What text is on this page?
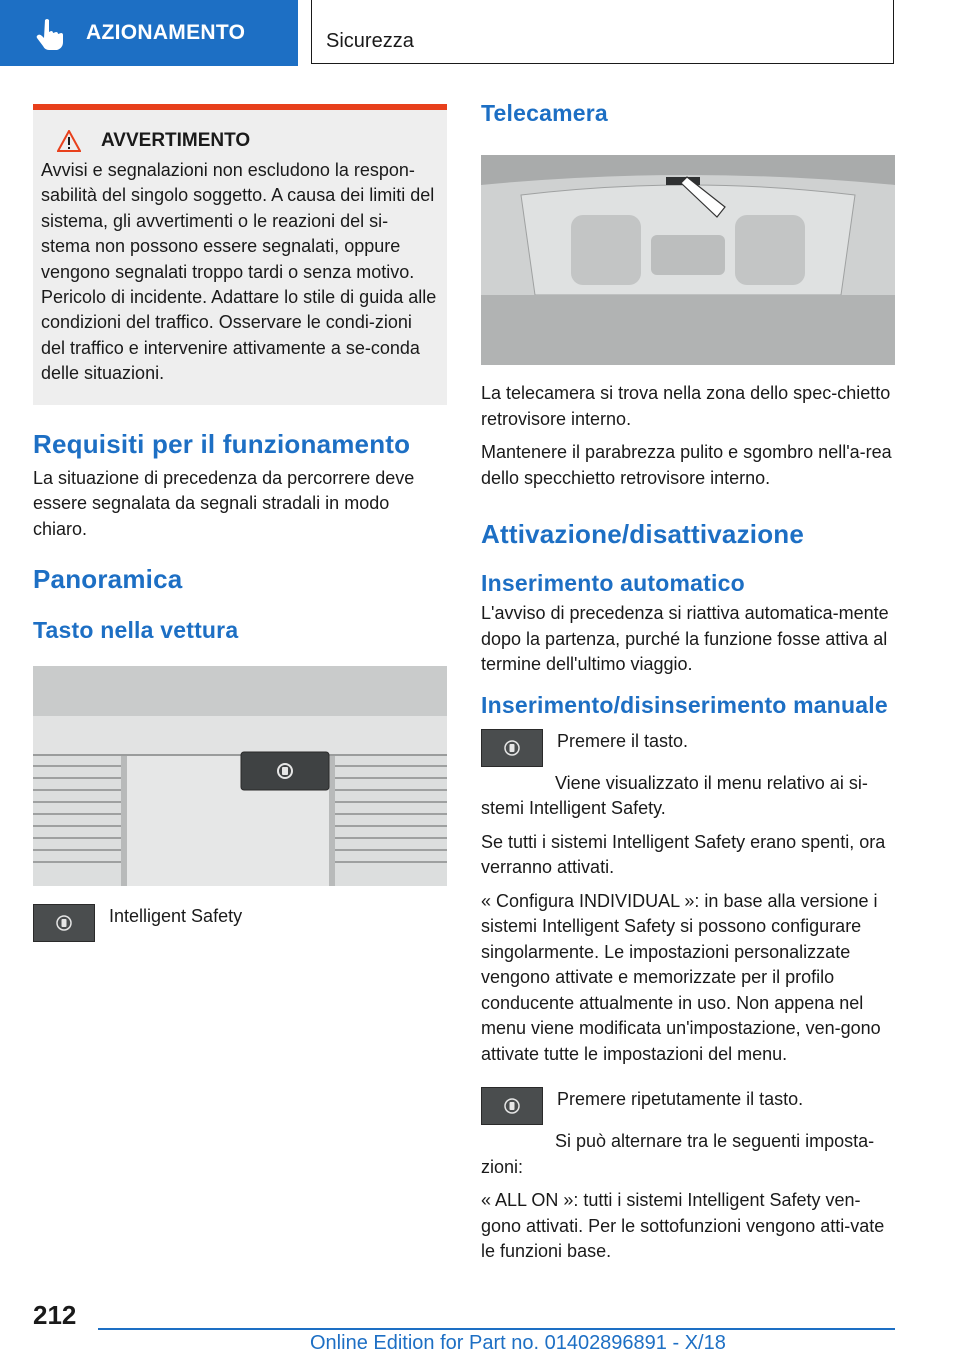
AZIONAMENTO	Sicurezza
AVVERTIMENTO

Avvisi e segnalazioni non escludono la respon-sabilità del singolo soggetto. A causa dei limiti del sistema, gli avvertimenti o le reazioni del si-stema non possono essere segnalati, oppure vengono segnalati troppo tardi o senza motivo. Pericolo di incidente. Adattare lo stile di guida alle condizioni del traffico. Osservare le condi-zioni del traffico e intervenire attivamente a se-conda delle situazioni.

Requisiti per il funzionamento

La situazione di precedenza da percorrere deve essere segnalata da segnali stradali in modo chiaro.

Panoramica
Tasto nella vettura

Intelligent Safety

Telecamera

La telecamera si trova nella zona dello spec-chietto retrovisore interno.

Mantenere il parabrezza pulito e sgombro nell'a-rea dello specchietto retrovisore interno.

Attivazione/disattivazione
Inserimento automatico

L'avviso di precedenza si riattiva automatica-mente dopo la partenza, purché la funzione fosse attiva al termine dell'ultimo viaggio.

Inserimento/disinserimento manuale

Premere il tasto.

Viene visualizzato il menu relativo ai si-stemi Intelligent Safety.

Se tutti i sistemi Intelligent Safety erano spenti, ora verranno attivati.

« Configura INDIVIDUAL »: in base alla versione i sistemi Intelligent Safety si possono configurare singolarmente. Le impostazioni personalizzate vengono attivate e memorizzate per il profilo conducente attualmente in uso. Non appena nel menu viene modificata un'impostazione, ven-gono attivate tutte le impostazioni del menu.

Premere ripetutamente il tasto.

Si può alternare tra le seguenti imposta-zioni:

« ALL ON »: tutti i sistemi Intelligent Safety ven-gono attivati. Per le sottofunzioni vengono atti-vate le funzioni base.

212
Online Edition for Part no. 01402896891 - X/18
